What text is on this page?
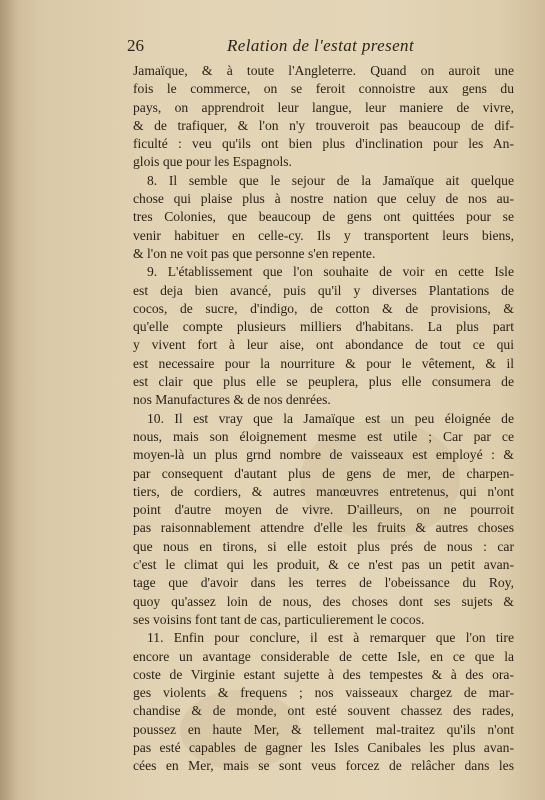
26	Relation de l'estat present
Jamaïque, & à toute l'Angleterre. Quand on auroit une
fois le commerce, on se feroit connoistre aux gens du
pays, on apprendroit leur langue, leur maniere de vivre,
& de trafiquer, & l'on n'y trouveroit pas beaucoup de dif-
ficulté : veu qu'ils ont bien plus d'inclination pour les An-
glois que pour les Espagnols.
8. Il semble que le sejour de la Jamaïque ait quelque
chose qui plaise plus à nostre nation que celuy de nos au-
tres Colonies, que beaucoup de gens ont quittées pour se
venir habituer en celle-cy. Ils y transportent leurs biens,
& l'on ne voit pas que personne s'en repente.
9. L'établissement que l'on souhaite de voir en cette Isle
est deja bien avancé, puis qu'il y diverses Plantations de
cocos, de sucre, d'indigo, de cotton & de provisions, &
qu'elle compte plusieurs milliers d'habitans. La plus part
y vivent fort à leur aise, ont abondance de tout ce qui
est necessaire pour la nourriture & pour le vêtement, & il
est clair que plus elle se peuplera, plus elle consumera de
nos Manufactures & de nos denrées.
10. Il est vray que la Jamaïque est un peu éloignée de
nous, mais son éloignement mesme est utile ; Car par ce
moyen-là un plus grnd nombre de vaisseaux est employé : &
par consequent d'autant plus de gens de mer, de charpen-
tiers, de cordiers, & autres manœuvres entretenus, qui n'ont
point d'autre moyen de vivre. D'ailleurs, on ne pourroit
pas raisonnablement attendre d'elle les fruits & autres choses
que nous en tirons, si elle estoit plus prés de nous : car
c'est le climat qui les produit, & ce n'est pas un petit avan-
tage que d'avoir dans les terres de l'obeissance du Roy,
quoy qu'assez loin de nous, des choses dont ses sujets &
ses voisins font tant de cas, particulierement le cocos.
11. Enfin pour conclure, il est à remarquer que l'on tire
encore un avantage considerable de cette Isle, en ce que la
coste de Virginie estant sujette à des tempestes & à des ora-
ges violents & frequens ; nos vaisseaux chargez de mar-
chandise & de monde, ont esté souvent chassez des rades,
poussez en haute Mer, & tellement mal-traitez qu'ils n'ont
pas esté capables de gagner les Isles Canibales les plus avan-
cées en Mer, mais se sont veus forcez de relâcher dans les
